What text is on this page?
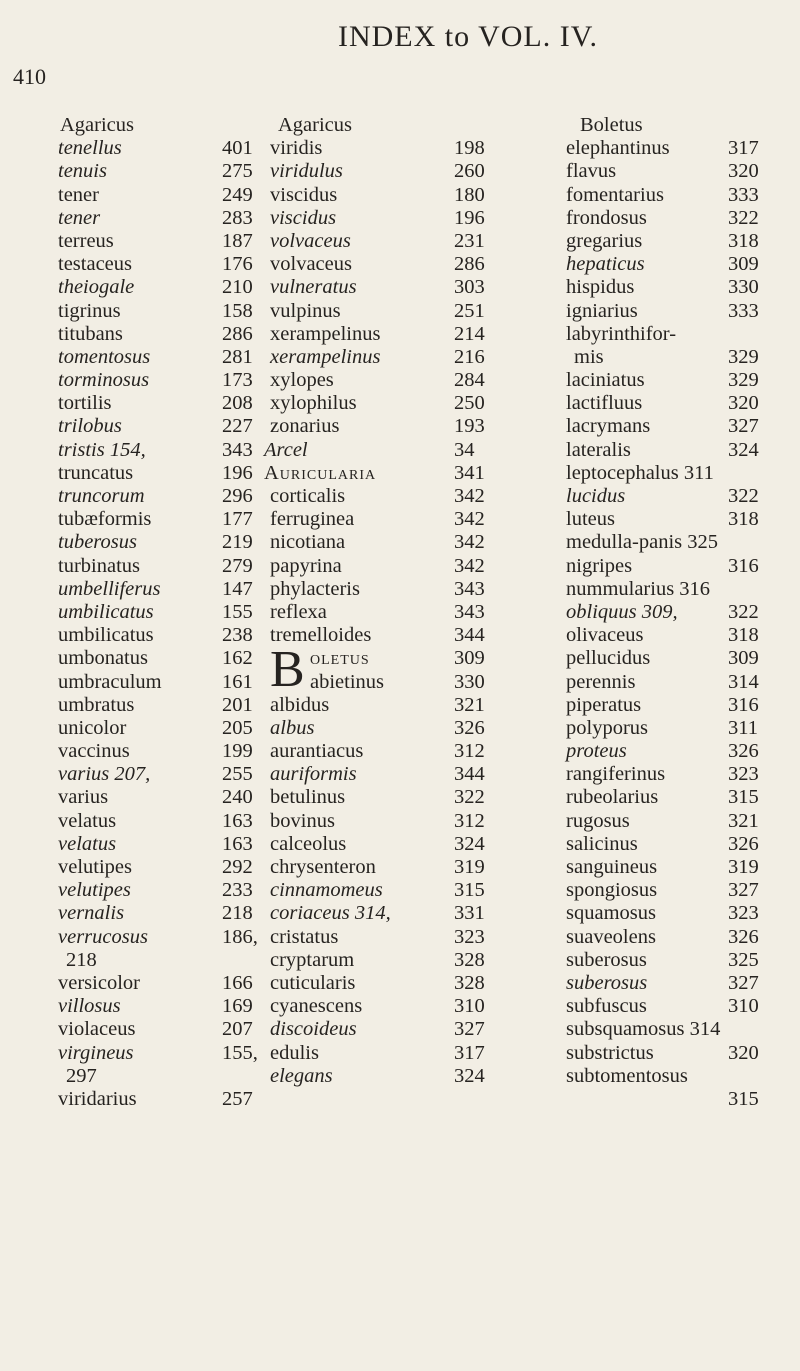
410
INDEX to VOL. IV.
Agaricus
tenellus	401
tenuis	275
tener	249
tener	283
terreus	187
testaceus	176
theiogale	210
tigrinus	158
titubans	286
tomentosus	281
torminosus	173
tortilis	208
trilobus	227
tristis 154,	343
truncatus	196
truncorum	296
tubæformis	177
tuberosus	219
turbinatus	279
umbelliferus	147
umbilicatus	155
umbilicatus	238
umbonatus	162
umbraculum	161
umbratus	201
unicolor	205
vaccinus	199
varius 207,	255
varius	240
velatus	163
velatus	163
velutipes	292
velutipes	233
vernalis	218
verrucosus	186,
218
versicolor	166
villosus	169
violaceus	207
virgineus	155,
297
viridarius	257
Agaricus
viridis	198
viridulus	260
viscidus	180
viscidus	196
volvaceus	231
volvaceus	286
vulneratus	303
vulpinus	251
xerampelinus	214
xerampelinus	216
xylopes	284
xylophilus	250
zonarius	193
Arcel	34
Auricularia	341
corticalis	342
ferruginea	342
nicotiana	342
papyrina	342
phylacteris	343
reflexa	343
tremelloides	344
B oletus	309
abietinus	330
albidus	321
albus	326
aurantiacus	312
auriformis	344
betulinus	322
bovinus	312
calceolus	324
chrysenteron	319
cinnamomeus	315
coriaceus 314,	331
cristatus	323
cryptarum	328
cuticularis	328
cyanescens	310
discoideus	327
edulis	317
elegans	324
Boletus
elephantinus	317
flavus	320
fomentarius	333
frondosus	322
gregarius	318
hepaticus	309
hispidus	330
igniarius	333
labyrinthifor-
mis	329
laciniatus	329
lactifluus	320
lacrymans	327
lateralis	324
leptocephalus 311
lucidus	322
luteus	318
medulla-panis 325
nigripes	316
nummularius 316
obliquus 309, 322
olivaceus	318
pellucidus	309
perennis	314
piperatus	316
polyporus	311
proteus	326
rangiferinus	323
rubeolarius	315
rugosus	321
salicinus	326
sanguineus	319
spongiosus	327
squamosus	323
suaveolens	326
suberosus	325
suberosus	327
subfuscus	310
subsquamosus 314
substrictus	320
subtomentosus
315
